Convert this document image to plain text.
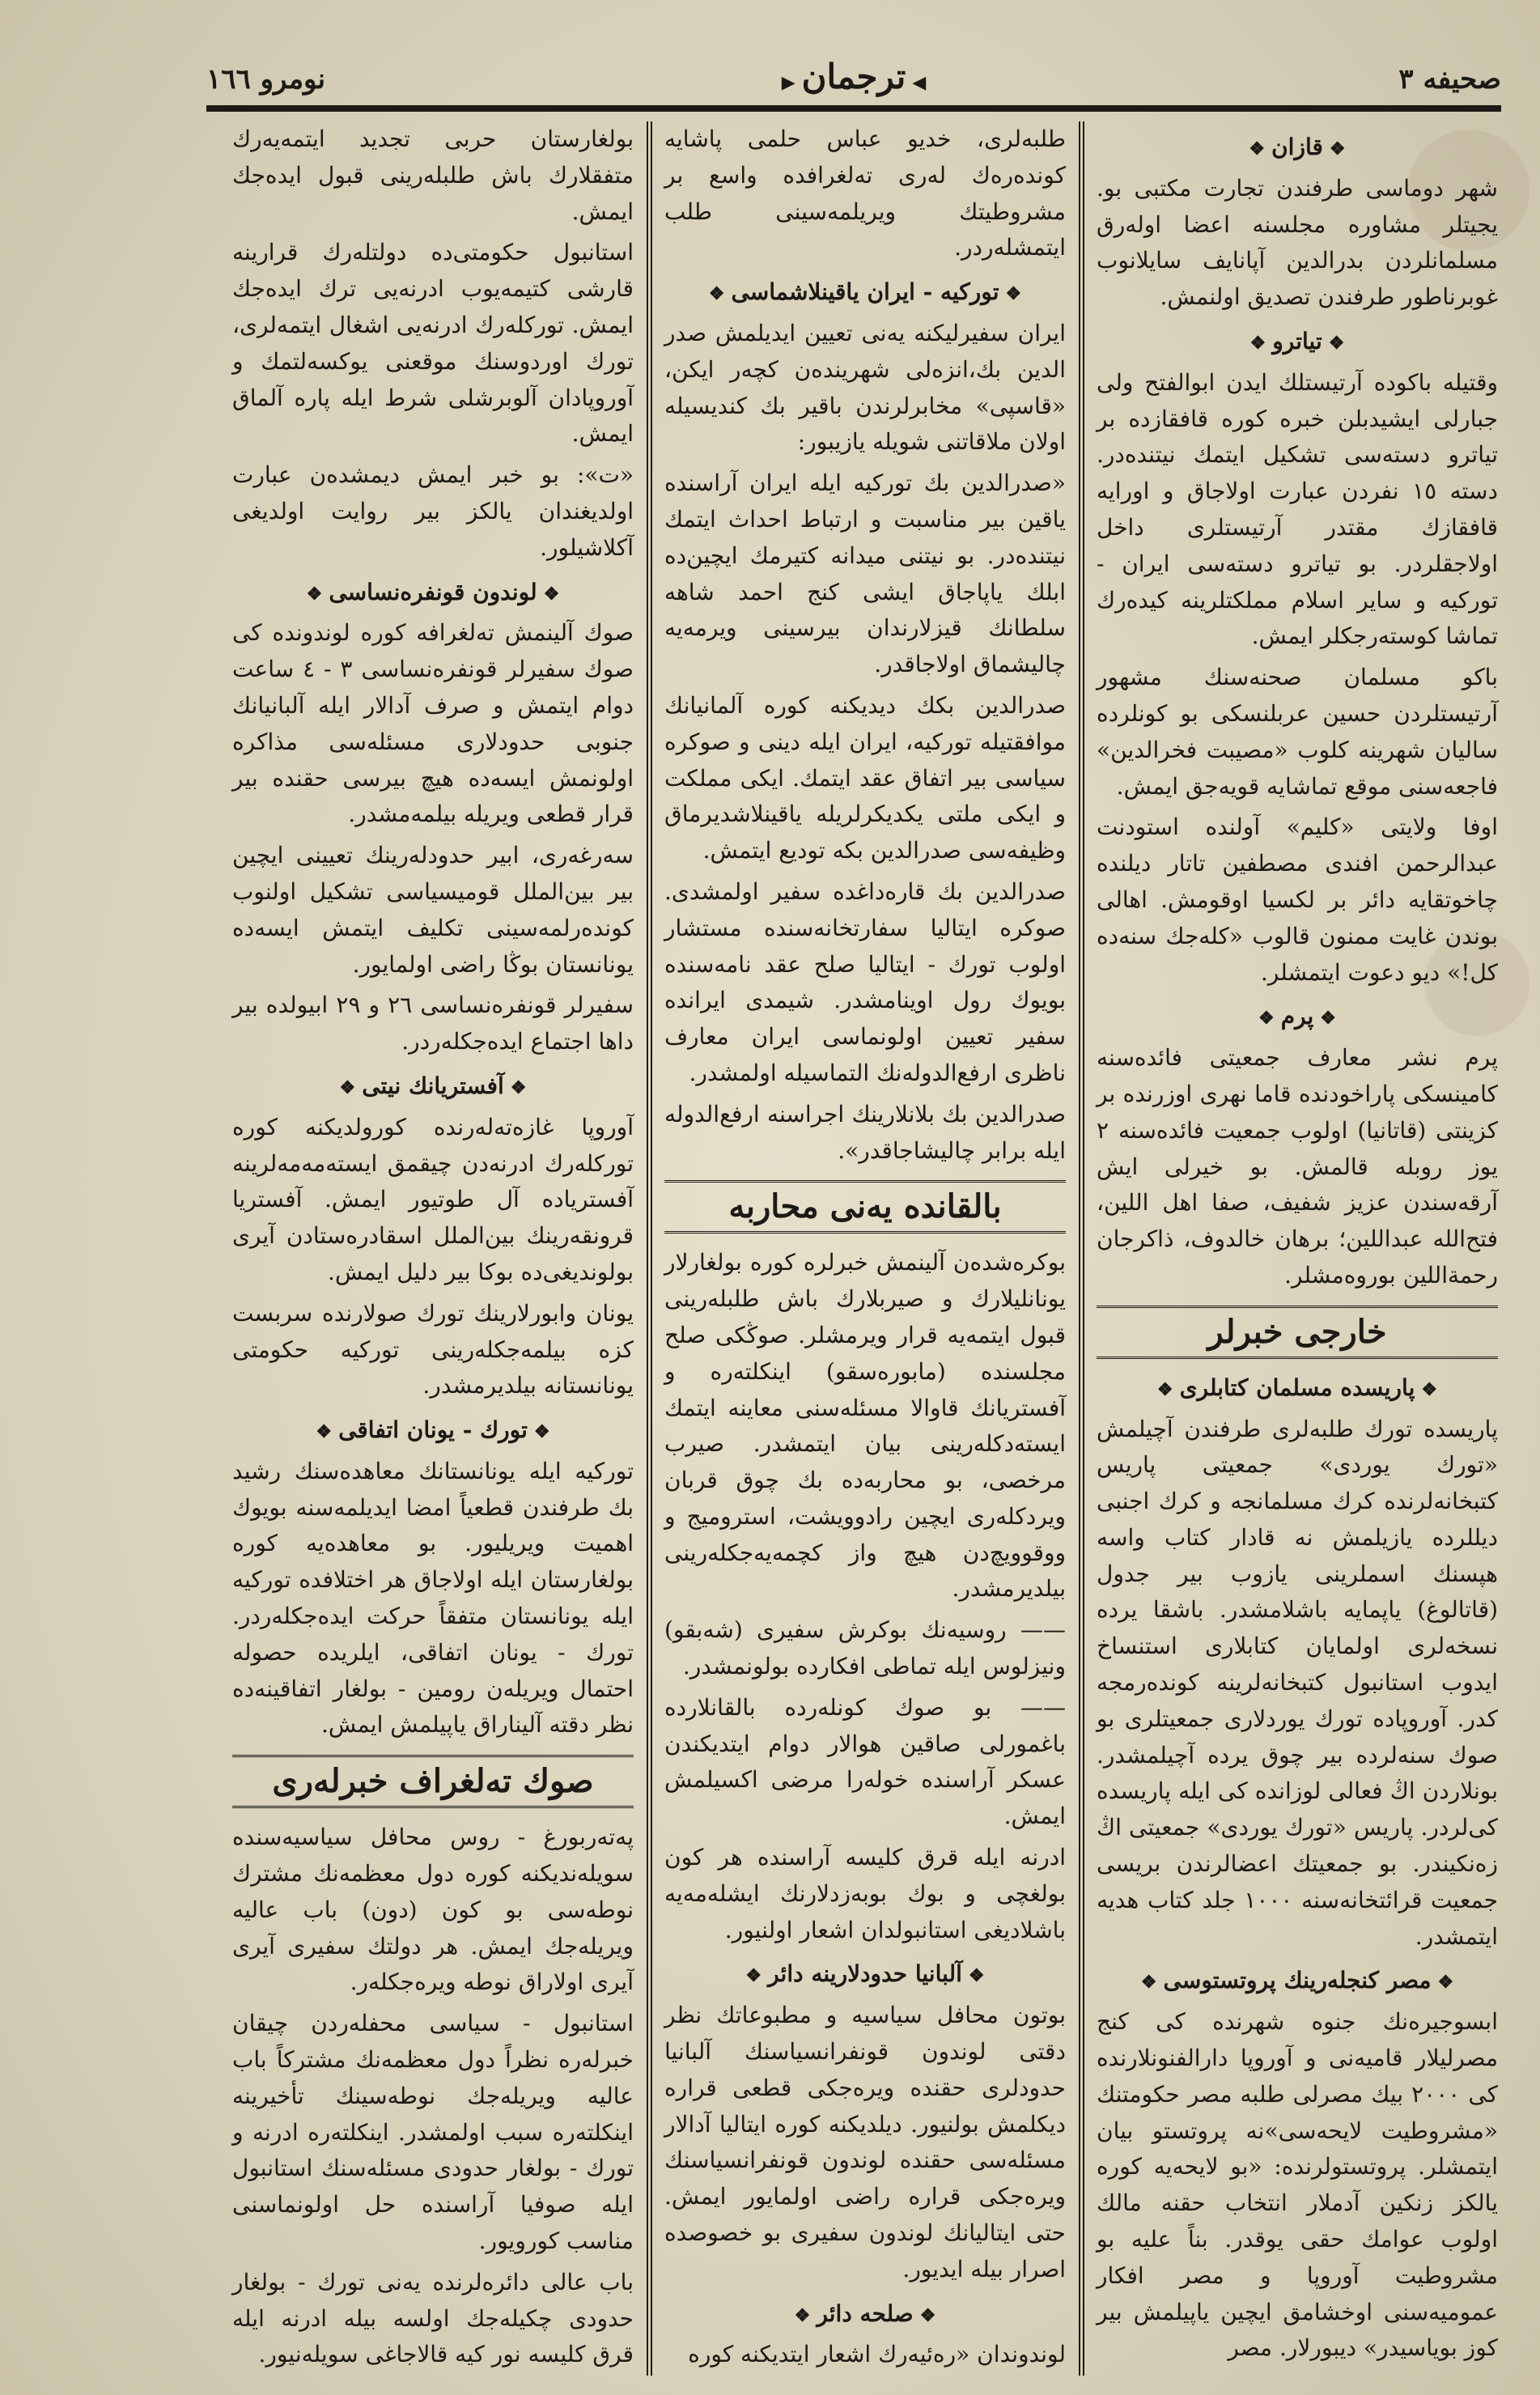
صحيفه ٣
◀ترجمان▶
نومرو ١٦٦
❖قازان❖

شهر دوماسی طرفندن تجارت مكتبی بو. يجيتلر مشاوره مجلسنه اعضا اولەرق مسلمانلردن بدرالدين آپانايف سايلانوب غوبرناطور طرفندن تصديق اولنمش.

❖تياترو❖

وقتيله باكوده آرتيستلك ايدن ابوالفتح ولی جبارلی ايشيدبلن خبره كوره قافقازده بر تياترو دستەسی تشكيل ايتمك نيتندەدر. دسته ١٥ نفردن عبارت اولاجاق و اورايه قافقازك مقتدر آرتيستلری داخل اولاجقلردر. بو تياترو دستەسی ايران - توركيه و ساير اسلام مملكتلرينه كيدەرك تماشا كوستەرجكلر ايمش.

باكو مسلمان صحنەسنك مشهور آرتيستلردن حسين عربلنسكی بو كونلرده سالیان شهرينه كلوب «مصيبت فخرالدين» فاجعەسنی موقع تماشايه قويەجق ايمش.

اوفا ولايتی «كليم» آولنده استودنت عبدالرحمن افندی مصطفين تاتار ديلنده چاخوتقايه دائر بر لكسيا اوقومش. اهالی بوندن غايت ممنون قالوب «كلەجك سنه‌ده كل!» ديو دعوت ايتمشلر.

❖پرم❖

پرم نشر معارف جمعيتی فائدەسنه كامينسكی پاراخودنده قاما نهری اوزرنده بر كزينتی (قاتانيا) اولوب جمعيت فائدەسنه ٢ يوز روبله قالمش. بو خيرلی ايش آرقەسندن عزيز شفيف، صفا اهل اللين، فتح‌الله عبداللين؛ برهان خالدوف، ذاكرجان رحمة‌اللين بوروەمشلر.

خارجی خبرلر
❖پاريسده مسلمان كتابلری❖

پاريسده تورك طلبەلری طرفندن آچيلمش «تورك يوردی» جمعيتی پاريس كتبخانەلرنده كرك مسلمانجه و كرك اجنبی ديللرده يازيلمش نه قادار كتاب واسه هپسنك اسملرينی يازوب بير جدول (قاتالوغ) ياپمايه باشلامشدر. باشقا يرده نسخەلری اولمايان كتابلاری استنساخ ايدوب استانبول كتبخانەلرينه كوندەرمجه كدر. آوروپاده تورك يوردلاری جمعيتلری بو صوك سنەلرده بير چوق يرده آچيلمشدر. بونلاردن اڭ فعالی لوزانده كی ايله پاريسده كی‌لردر. پاريس «تورك يوردی» جمعيتی اڭ زەنكيندر. بو جمعيتك اعضالرندن بريسی جمعيت قرائتخانەسنه ١٠٠٠ جلد كتاب هديه ايتمشدر.

❖مصر كنجلەرينك پروتستوسی❖

ابسوجيرەنك جنوه شهرنده كی كنج مصرليلار قاميەنی و آوروپا دارالفنونلارنده كی ٢٠٠٠ بيك مصرلی طلبه مصر حكومتنك «مشروطيت لايحەسی»نه پروتستو بيان ايتمشلر. پروتستولرنده: «بو لايحەيه كوره يالكز زنكين آدملار انتخاب حقنه مالك اولوب عوامك حقی يوقدر. بناً عليه بو مشروطيت آوروپا و مصر افكار عموميەسنی اوخشامق ايچين ياپيلمش بير كوز بوياسيدر» ديبورلار. مصر

طلبەلری، خديو عباس حلمی پاشايه كوندەرەك لەری تەلغرافده واسع بر مشروطيتك ويريلمەسينی طلب ايتمشلەردر.

❖توركيه - ايران ياقينلاشماسی❖

ايران سفيرليكنه يەنی تعيين ايديلمش صدر الدين بك،انزەلی شهريندەن كچەر ايكن، «قاسپی» مخابرلرندن باقير بك كنديسيله اولان ملاقاتنی شويله يازيبور:

«صدرالدين بك توركيه ايله ايران آراسنده ياقين بير مناسبت و ارتباط احداث ايتمك نيتنده‌در. بو نيتنی ميدانه كتيرمك ايچين‌ده ابلك ياپاجاق ايشی كنج احمد شاهه سلطانك قيزلارندان بيرسينی ويرمەيه چاليشماق اولاجاقدر.

صدرالدين بكك ديديكنه كوره آلمانيانك موافقتيله توركيه، ايران ايله دينی و صوكره سياسی بير اتفاق عقد ايتمك. ايكی مملكت و ايكی ملتی يكديكرلريله ياقينلاشديرماق وظيفەسی صدرالدين بكه توديع ايتمش.

صدرالدين بك قارەداغده سفير اولمشدی. صوكره ايتاليا سفارتخانەسنده مستشار اولوب تورك - ايتاليا صلح عقد نامەسنده بويوك رول اوينامشدر. شيمدی ايرانده سفير تعيين اولونماسی ايران معارف ناظری ارفع‌الدولەنك التماسيله اولمشدر.

صدرالدين بك بلانلارينك اجراسنه ارفع‌الدولە ايله برابر چاليشاجاقدر».

بالقانده يەنی محاربه

بوكرەشدەن آلينمش خبرلره كوره بولغارلار يونانليلارك و صيربلارك باش طلبلەرينی قبول ايتمەيه قرار ويرمشلر. صوڭكی صلح مجلسنده (مابورەسقو) اينكلتەره و آفستريانك قاوالا مسئلەسنی معاينه ايتمك ايستەدكلەرينی بيان ايتمشدر. صيرب مرخصی، بو محاربه‌ده بك چوق قربان ويردكلەری ايچين رادوويشت، استرومیج و ووقوويچ‌دن هيچ واز كچمەيەجكلەرينی بيلديرمشدر.

—— روسيەنك بوكرش سفيری (شەبقو) ونيزلوس ايله تماطی افكارده بولونمشدر.

—— بو صوك كونلەرده بالقانلارده باغمورلی صاقين هوالار دوام ايتديكندن عسكر آراسنده خولەرا مرضی اكسيلمش ايمش.

ادرنه ايله قرق كليسه آراسنده هر كون بولغچی و بوك بوبەزدلارنك ايشلەمەيه باشلاديغی استانبولدان اشعار اولنيور.

❖آلبانيا حدودلارينه دائر❖

بوتون محافل سياسيه و مطبوعاتك نظر دقتی لوندون قونفرانسياسنك آلبانيا حدودلری حقنده ويرەجكی قطعی قراره ديكلمش بولنيور. ديلديكنه كوره ايتاليا آدالار مسئلەسی حقنده لوندون قونفرانسياسنك ويرەجكی قراره راضی اولمايور ايمش. حتی ايتاليانك لوندون سفيری بو خصوصده اصرار بيله ايديور.

❖صلحه دائر❖

لوندوندان «ره‌ئيەرك اشعار ايتديكنه كوره

بولغارستان حربی تجديد ايتمەيەرك متفقلارك باش طلبلەرينی قبول ايدەجك ايمش.

استانبول حكومتی‌ده دولتلەرك قرارينه قارشی كتيمەيوب ادرنەيی ترك ايدەجك ايمش. توركلەرك ادرنەيی اشغال ايتمەلری، تورك اوردوسنك موقعنی يوكسەلتمك و آوروپادان آلوبرشلی شرط ايله پاره آلماق ايمش.

«ت»: بو خبر ايمش ديمشدەن عبارت اولديغندان يالكز بير روايت اولديغی آكلاشيلور.

❖لوندون قونفرەنساسی❖

صوك آلينمش تەلغرافه كوره لوندونده كی صوك سفيرلر قونفرەنساسی ٣ - ٤ ساعت دوام ايتمش و صرف آدالار ايله آلبانيانك جنوبی حدودلاری مسئلەسی مذاكره اولونمش ايسەده هيچ بيرسی حقنده بير قرار قطعی ويريله بيلمەمشدر.

سەرغەری، ابير حدودلەرينك تعيينی ايچين بير بين‌الملل قوميسياسی تشكيل اولنوب كونده‌رلمەسينی تكليف ايتمش ايسەده يونانستان بوڭا راضی اولمايور.

سفيرلر قونفرەنساسی ٢٦ و ٢٩ ابيولده بير داها اجتماع ايدەجكلەردر.

❖آفستريانك نيتی❖

آوروپا غازەتەلەرنده كورولديكنه كوره توركلەرك ادرنەدن چيقمق ايستەمەمەلرينه آفستريا‌ده آل طوتيور ايمش. آفستريا قرونقەرينك بين‌الملل اسقادرەستادن آيری بولونديغی‌ده بوكا بير دليل ايمش.

يونان وابورلارينك تورك صولارنده سربست كزه بيلمەجكلەرينی توركيه حكومتی يونانستانه بيلديرمشدر.

❖تورك - يونان اتفاقی❖

توركيه ايله يونانستانك معاهدەسنك رشيد بك طرفندن قطعياً امضا ايديلمەسنه بويوك اهميت ويريليور. بو معاهدەيه كوره بولغارستان ايله اولاجاق هر اختلافده توركيه ايله يونانستان متفقاً حركت ايدەجكلەردر. تورك - يونان اتفاقی، ايلريده حصوله احتمال ويريلەن رومين - بولغار اتفاقينه‌ده نظر دقته آليناراق ياپيلمش ايمش.

صوك تەلغراف خبرلەری

پەتەربورغ - روس محافل سياسيەسنده سويلەنديكنه كوره دول معظمەنك مشترك نوطەسی بو كون (دون) باب عالیه ويريلەجك ايمش. هر دولتك سفيری آيری آيری اولاراق نوطه ويرەجكلەر.

استانبول - سياسی محفلەردن چيقان خبرلەره نظراً دول معظمەنك مشتركاً باب عالیه ويريلەجك نوطەسينك تأخيرينه اينكلتەره سبب اولمشدر. اينكلتەره ادرنه و تورك - بولغار حدودی مسئلەسنك استانبول ايله صوفيا آراسنده حل اولونماسنی مناسب كورويور.

باب عالی دائرەلرنده يەنی تورك - بولغار حدودی چكيلەجك اولسه بيله ادرنه ايله قرق كليسه نور كيه قالاجاغی سويلەنيور.
